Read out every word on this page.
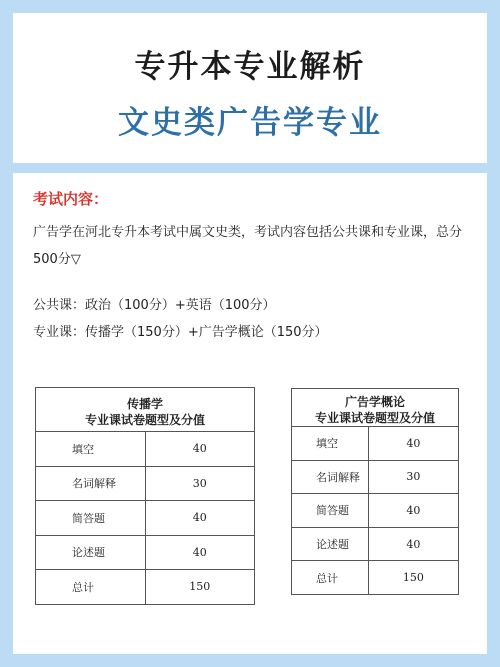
专升本专业解析
文史类广告学专业
考试内容：
广告学在河北专升本考试中属文史类，考试内容包括公共课和专业课，总分500分▽
公共课：政治（100分）+英语（100分）
专业课：传播学（150分）+广告学概论（150分）
传播学
专业课试卷题型及分值	

填空	40
名词解释	30
简答题	40
论述题	40
总计	150
广告学概论
专业课试卷题型及分值	

填空	40
名词解释	30
简答题	40
论述题	40
总计	150
